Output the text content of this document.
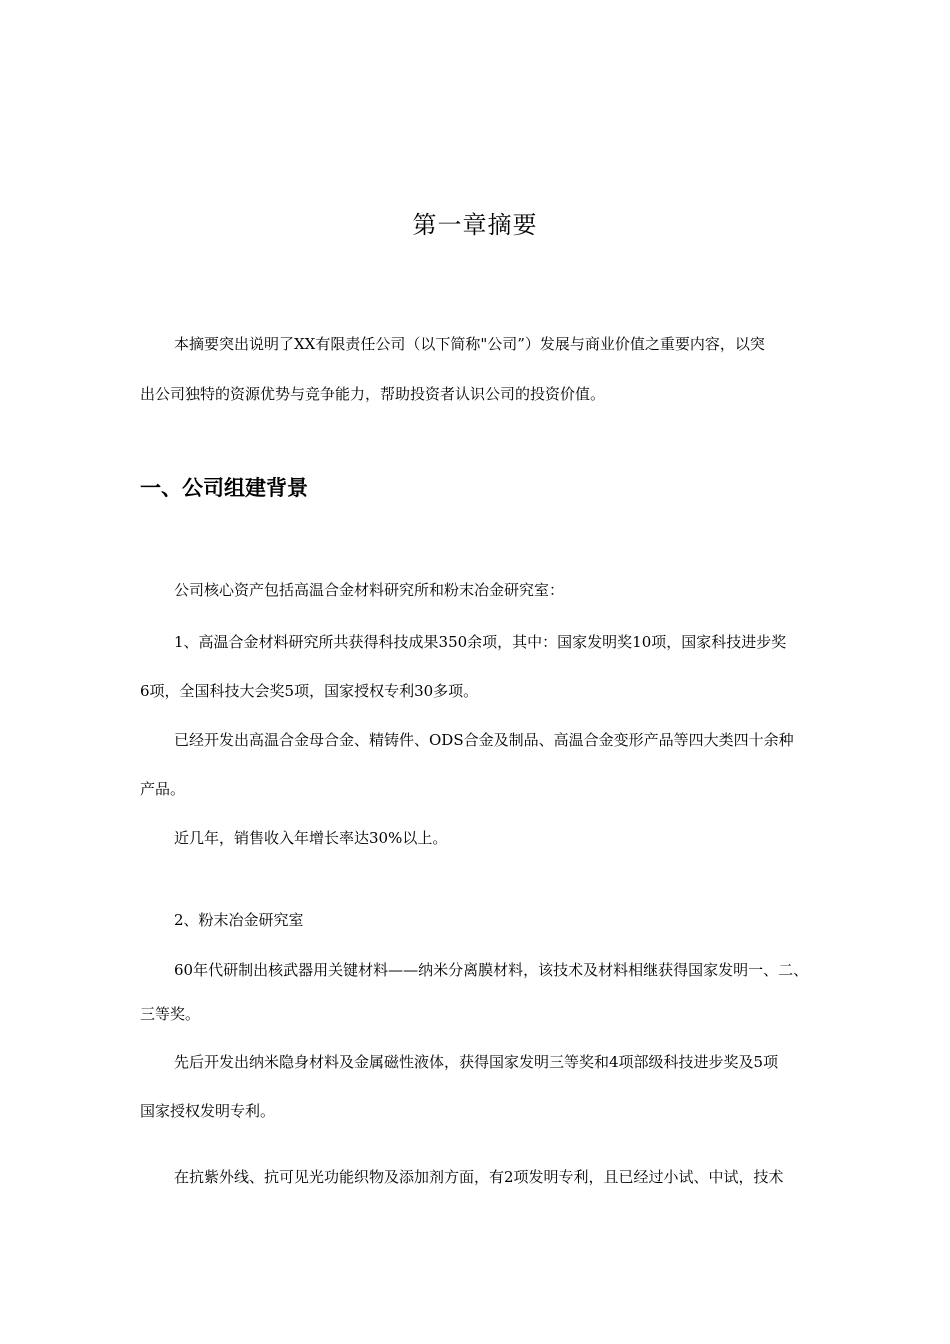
第一章摘要

本摘要突出说明了XX有限责任公司（以下简称"公司”）发展与商业价值之重要内容，以突

出公司独特的资源优势与竞争能力，帮助投资者认识公司的投资价值。

一、公司组建背景

公司核心资产包括高温合金材料研究所和粉末冶金研究室：

1、高温合金材料研究所共获得科技成果350余项，其中：国家发明奖10项，国家科技进步奖

6项，全国科技大会奖5项，国家授权专利30多项。

已经开发出高温合金母合金、精铸件、ODS合金及制品、高温合金变形产品等四大类四十余种

产品。

近几年，销售收入年增长率达30%以上。

2、粉末冶金研究室

60年代研制出核武器用关键材料——纳米分离膜材料，该技术及材料相继获得国家发明一、二、

三等奖。

先后开发出纳米隐身材料及金属磁性液体，获得国家发明三等奖和4项部级科技进步奖及5项

国家授权发明专利。

在抗紫外线、抗可见光功能织物及添加剂方面，有2项发明专利，且已经过小试、中试，技术
